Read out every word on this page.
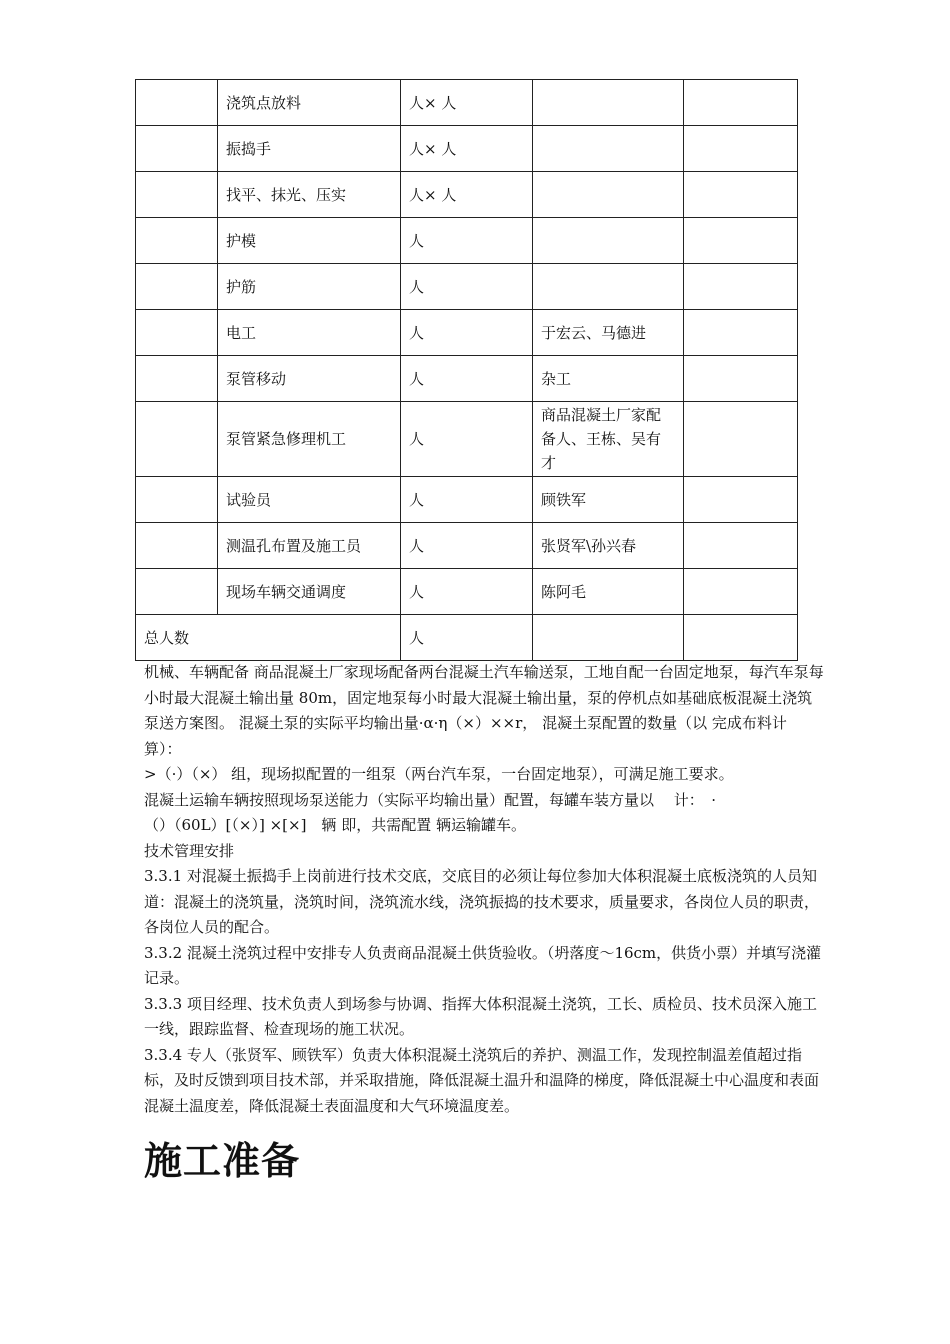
	浇筑点放料	人× 人		
	振捣手	人× 人		
	找平、抹光、压实	人× 人		
	护模	人		
	护筋	人		
	电工	人	于宏云、马德进	
	泵管移动	人	杂工	
	泵管紧急修理机工	人	商品混凝土厂家配备人、王栋、吴有才	
	试验员	人	顾铁军	
	测温孔布置及施工员	人	张贤军\孙兴春	
	现场车辆交通调度	人	陈阿毛	
总人数		人		

机械、车辆配备 商品混凝土厂家现场配备两台混凝土汽车输送泵，工地自配一台固定地泵，每汽车泵每小时最大混凝土输出量 80m，固定地泵每小时最大混凝土输出量，泵的停机点如基础底板混凝土浇筑泵送方案图。 混凝土泵的实际平均输出量·α·η（×）××r， 混凝土泵配置的数量（以 完成布料计算）：

>（·）（×） 组，现场拟配置的一组泵（两台汽车泵，一台固定地泵），可满足施工要求。

混凝土运输车辆按照现场泵送能力（实际平均输出量）配置，每罐车装方量以 　计：　·

（）（60L）[（×）] ×[×]　辆 即，共需配置 辆运输罐车。

技术管理安排

3.3.1 对混凝土振捣手上岗前进行技术交底，交底目的必须让每位参加大体积混凝土底板浇筑的人员知道：混凝土的浇筑量，浇筑时间，浇筑流水线，浇筑振捣的技术要求，质量要求，各岗位人员的职责，各岗位人员的配合。

3.3.2 混凝土浇筑过程中安排专人负责商品混凝土供货验收。（坍落度～16cm，供货小票）并填写浇灌记录。

3.3.3 项目经理、技术负责人到场参与协调、指挥大体积混凝土浇筑，工长、质检员、技术员深入施工一线，跟踪监督、检查现场的施工状况。

3.3.4 专人（张贤军、顾铁军）负责大体积混凝土浇筑后的养护、测温工作，发现控制温差值超过指标，及时反馈到项目技术部，并采取措施，降低混凝土温升和温降的梯度，降低混凝土中心温度和表面混凝土温度差，降低混凝土表面温度和大气环境温度差。

施工准备
